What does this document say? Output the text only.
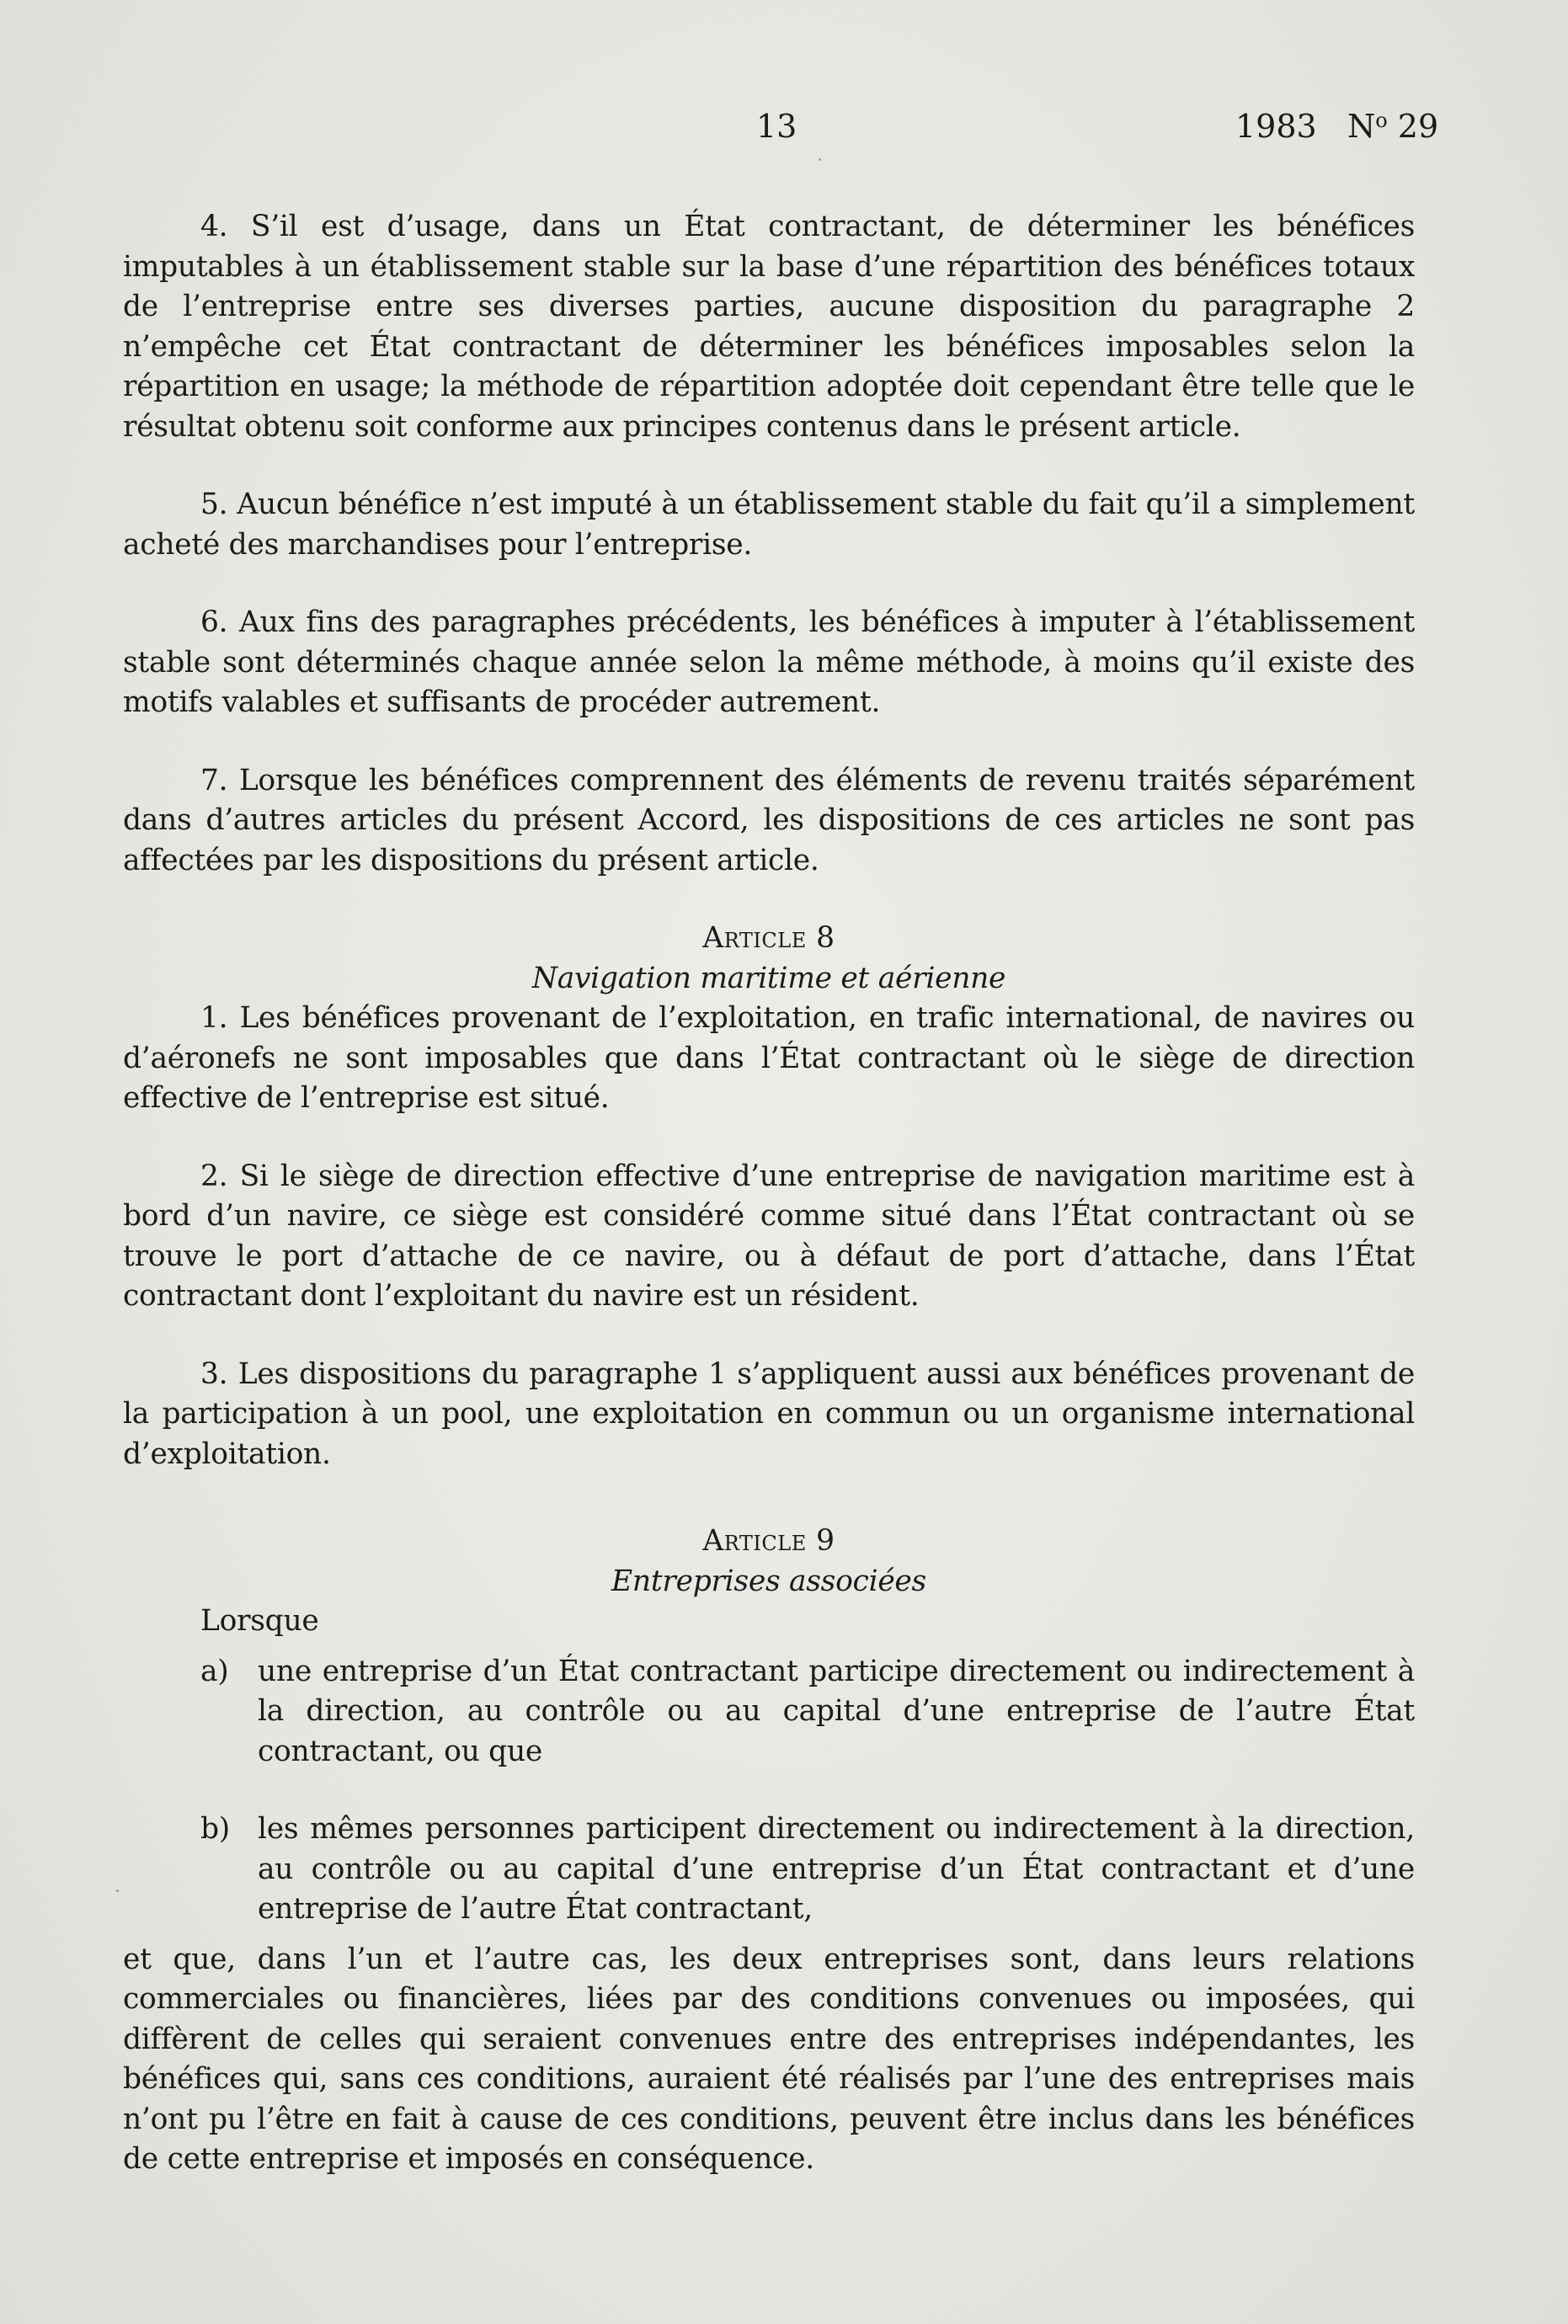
13	1983 $N^o$ 29

4. S’il est d’usage, dans un État contractant, de déterminer les bénéfices imputables à un établissement stable sur la base d’une répartition des bénéfices totaux de l’entreprise entre ses diverses parties, aucune disposition du paragraphe 2 n’empêche cet État contractant de déterminer les bénéfices imposables selon la répartition en usage; la méthode de répartition adoptée doit cependant être telle que le résultat obtenu soit conforme aux principes contenus dans le présent article.

5. Aucun bénéfice n’est imputé à un établissement stable du fait qu’il a simplement acheté des marchandises pour l’entreprise.

6. Aux fins des paragraphes précédents, les bénéfices à imputer à l’établissement stable sont déterminés chaque année selon la même méthode, à moins qu’il existe des motifs valables et suffisants de procéder autrement.

7. Lorsque les bénéfices comprennent des éléments de revenu traités séparément dans d’autres articles du présent Accord, les dispositions de ces articles ne sont pas affectées par les dispositions du présent article.

Article 8

Navigation maritime et aérienne

1. Les bénéfices provenant de l’exploitation, en trafic international, de navires ou d’aéronefs ne sont imposables que dans l’État contractant où le siège de direction effective de l’entreprise est situé.

2. Si le siège de direction effective d’une entreprise de navigation maritime est à bord d’un navire, ce siège est considéré comme situé dans l’État contractant où se trouve le port d’attache de ce navire, ou à défaut de port d’attache, dans l’État contractant dont l’exploitant du navire est un résident.

3. Les dispositions du paragraphe 1 s’appliquent aussi aux bénéfices provenant de la participation à un pool, une exploitation en commun ou un organisme international d’exploitation.

Article 9

Entreprises associées

Lorsque

a)	une entreprise d’un État contractant participe directement ou indirectement à la direction, au contrôle ou au capital d’une entreprise de l’autre État contractant, ou que
b) les mêmes personnes participent directement ou indirectement à la direction, au contrôle ou au capital d’une entreprise d’un État contractant et d’une entreprise de l’autre État contractant,

et que, dans l’un et l’autre cas, les deux entreprises sont, dans leurs relations commerciales ou financières, liées par des conditions convenues ou imposées, qui diffèrent de celles qui seraient convenues entre des entreprises indépendantes, les bénéfices qui, sans ces conditions, auraient été réalisés par l’une des entreprises mais n’ont pu l’être en fait à cause de ces conditions, peuvent être inclus dans les bénéfices de cette entreprise et imposés en conséquence.
